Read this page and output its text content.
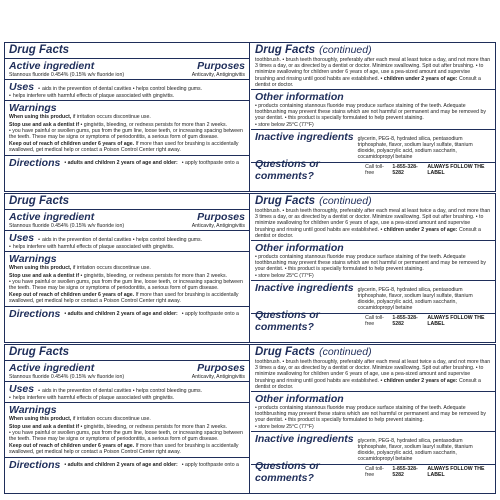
Drug Facts
Active ingredient	Purposes
Stannous fluoride 0.454% (0.15% w/v fluoride ion)	Anticavity, Antigingivitis
Uses	• aids in the prevention of dental cavities • helps control bleeding gums.
• helps interfere with harmful effects of plaque associated with gingivitis.
Warnings
When using this product, if irritation occurs discontinue use.
Stop use and ask a dentist if • gingivitis, bleeding, or redness persists for more than 2 weeks.
• you have painful or swollen gums, pus from the gum line, loose teeth, or increasing spacing between the teeth. These may be signs or symptoms of periodontitis, a serious form of gum disease.
Keep out of reach of children under 6 years of age. If more than used for brushing is accidentally swallowed, get medical help or contact a Poison Control Center right away.
Directions • adults and children 2 years of age and older: • apply toothpaste onto a
Drug Facts (continued)
toothbrush. • brush teeth thoroughly, preferably after each meal at least twice a day, and not more than 3 times a day, or as directed by a dentist or doctor. Minimize swallowing. Spit out after brushing. • to minimize swallowing for children under 6 years of age, use a pea-sized amount and supervise brushing and rinsing until good habits are established. • children under 2 years of age: Consult a dentist or doctor.
Other information
• products containing stannous fluoride may produce surface staining of the teeth. Adequate toothbrushing may prevent these stains which are not harmful or permanent and may be removed by your dentist. • this product is specially formulated to help prevent staining.
• store below 25°C (77°F)
Inactive ingredients glycerin, PEG-8, hydrated silica, pentasodium triphosphate, flavor, sodium lauryl sulfate, titanium dioxide, polyacrylic acid, sodium saccharin, cocamidopropyl betaine
Questions or comments?
Call toll-free
1-855-328-5282
ALWAYS FOLLOW THE LABEL
Drug Facts
Active ingredient	Purposes
Stannous fluoride 0.454% (0.15% w/v fluoride ion)	Anticavity, Antigingivitis
Uses	• aids in the prevention of dental cavities • helps control bleeding gums.
• helps interfere with harmful effects of plaque associated with gingivitis.
Warnings
When using this product, if irritation occurs discontinue use.
Stop use and ask a dentist if • gingivitis, bleeding, or redness persists for more than 2 weeks.
• you have painful or swollen gums, pus from the gum line, loose teeth, or increasing spacing between the teeth. These may be signs or symptoms of periodontitis, a serious form of gum disease.
Keep out of reach of children under 6 years of age. If more than used for brushing is accidentally swallowed, get medical help or contact a Poison Control Center right away.
Directions • adults and children 2 years of age and older: • apply toothpaste onto a
Drug Facts (continued)
toothbrush. • brush teeth thoroughly, preferably after each meal at least twice a day, and not more than 3 times a day, or as directed by a dentist or doctor. Minimize swallowing. Spit out after brushing. • to minimize swallowing for children under 6 years of age, use a pea-sized amount and supervise brushing and rinsing until good habits are established. • children under 2 years of age: Consult a dentist or doctor.
Other information
• products containing stannous fluoride may produce surface staining of the teeth. Adequate toothbrushing may prevent these stains which are not harmful or permanent and may be removed by your dentist. • this product is specially formulated to help prevent staining.
• store below 25°C (77°F)
Inactive ingredients glycerin, PEG-8, hydrated silica, pentasodium triphosphate, flavor, sodium lauryl sulfate, titanium dioxide, polyacrylic acid, sodium saccharin, cocamidopropyl betaine
Questions or comments?
Call toll-free
1-855-328-5282
ALWAYS FOLLOW THE LABEL
Drug Facts
Active ingredient	Purposes
Stannous fluoride 0.454% (0.15% w/v fluoride ion)	Anticavity, Antigingivitis
Uses	• aids in the prevention of dental cavities • helps control bleeding gums.
• helps interfere with harmful effects of plaque associated with gingivitis.
Warnings
When using this product, if irritation occurs discontinue use.
Stop use and ask a dentist if • gingivitis, bleeding, or redness persists for more than 2 weeks.
• you have painful or swollen gums, pus from the gum line, loose teeth, or increasing spacing between the teeth. These may be signs or symptoms of periodontitis, a serious form of gum disease.
Keep out of reach of children under 6 years of age. If more than used for brushing is accidentally swallowed, get medical help or contact a Poison Control Center right away.
Directions • adults and children 2 years of age and older: • apply toothpaste onto a
Drug Facts (continued)
toothbrush. • brush teeth thoroughly, preferably after each meal at least twice a day, and not more than 3 times a day, or as directed by a dentist or doctor. Minimize swallowing. Spit out after brushing. • to minimize swallowing for children under 6 years of age, use a pea-sized amount and supervise brushing and rinsing until good habits are established. • children under 2 years of age: Consult a dentist or doctor.
Other information
• products containing stannous fluoride may produce surface staining of the teeth. Adequate toothbrushing may prevent these stains which are not harmful or permanent and may be removed by your dentist. • this product is specially formulated to help prevent staining.
• store below 25°C (77°F)
Inactive ingredients glycerin, PEG-8, hydrated silica, pentasodium triphosphate, flavor, sodium lauryl sulfate, titanium dioxide, polyacrylic acid, sodium saccharin, cocamidopropyl betaine
Questions or comments?
Call toll-free
1-855-328-5282
ALWAYS FOLLOW THE LABEL
